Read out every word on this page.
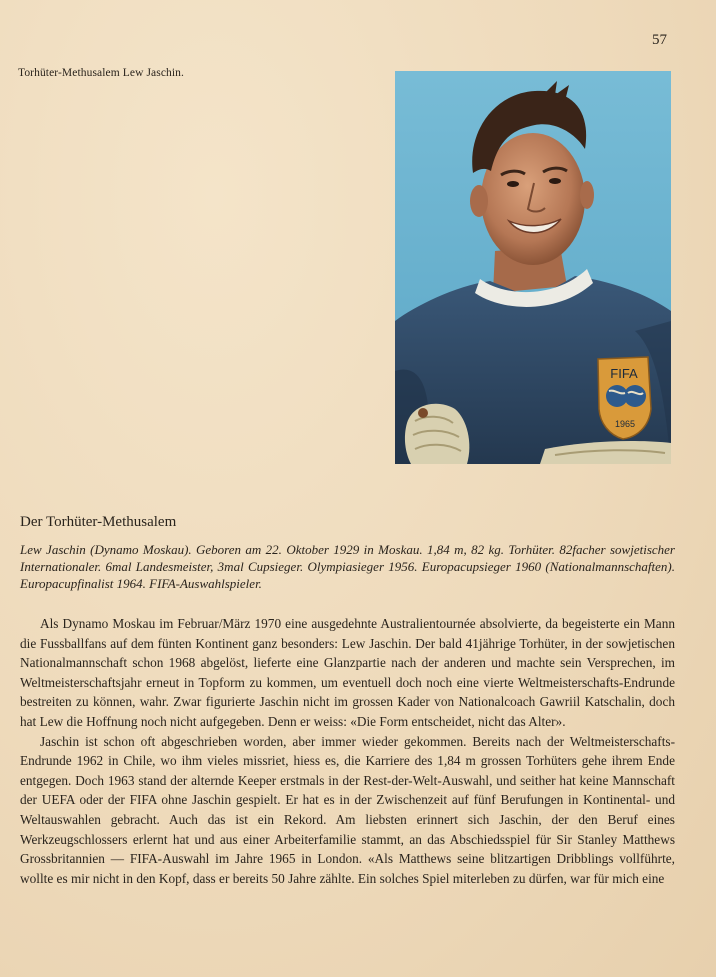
57
Torhüter-Methusalem Lew Jaschin.
FIFA
1965
Der Torhüter-Methusalem

Lew Jaschin (Dynamo Moskau). Geboren am 22. Oktober 1929 in Moskau. 1,84 m, 82 kg. Torhüter. 82facher sowjetischer Internationaler. 6mal Landesmeister, 3mal Cupsieger. Olympiasieger 1956. Europacupsieger 1960 (Nationalmannschaften). Europacupfinalist 1964. FIFA-Auswahlspieler.

Als Dynamo Moskau im Februar/März 1970 eine ausgedehnte Australientournée absolvierte, da begeisterte ein Mann die Fussballfans auf dem fünten Kontinent ganz besonders: Lew Jaschin. Der bald 41jährige Torhüter, in der sowjetischen Nationalmannschaft schon 1968 abgelöst, lieferte eine Glanzpartie nach der anderen und machte sein Versprechen, im Weltmeisterschaftsjahr erneut in Topform zu kommen, um eventuell doch noch eine vierte Weltmeisterschafts-Endrunde bestreiten zu können, wahr. Zwar figurierte Jaschin nicht im grossen Kader von Nationalcoach Gawriil Katschalin, doch hat Lew die Hoffnung noch nicht aufgegeben. Denn er weiss: «Die Form entscheidet, nicht das Alter».

Jaschin ist schon oft abgeschrieben worden, aber immer wieder gekommen. Bereits nach der Weltmeisterschafts-Endrunde 1962 in Chile, wo ihm vieles missriet, hiess es, die Karriere des 1,84 m grossen Torhüters gehe ihrem Ende entgegen. Doch 1963 stand der alternde Keeper erstmals in der Rest-der-Welt-Auswahl, und seither hat keine Mannschaft der UEFA oder der FIFA ohne Jaschin gespielt. Er hat es in der Zwischenzeit auf fünf Berufungen in Kontinental- und Weltauswahlen gebracht. Auch das ist ein Rekord. Am liebsten erinnert sich Jaschin, der den Beruf eines Werkzeugschlossers erlernt hat und aus einer Arbeiterfamilie stammt, an das Abschiedsspiel für Sir Stanley Matthews Grossbritannien — FIFA-Auswahl im Jahre 1965 in London. «Als Matthews seine blitzartigen Dribblings vollführte, wollte es mir nicht in den Kopf, dass er bereits 50 Jahre zählte. Ein solches Spiel miterleben zu dürfen, war für mich eine
